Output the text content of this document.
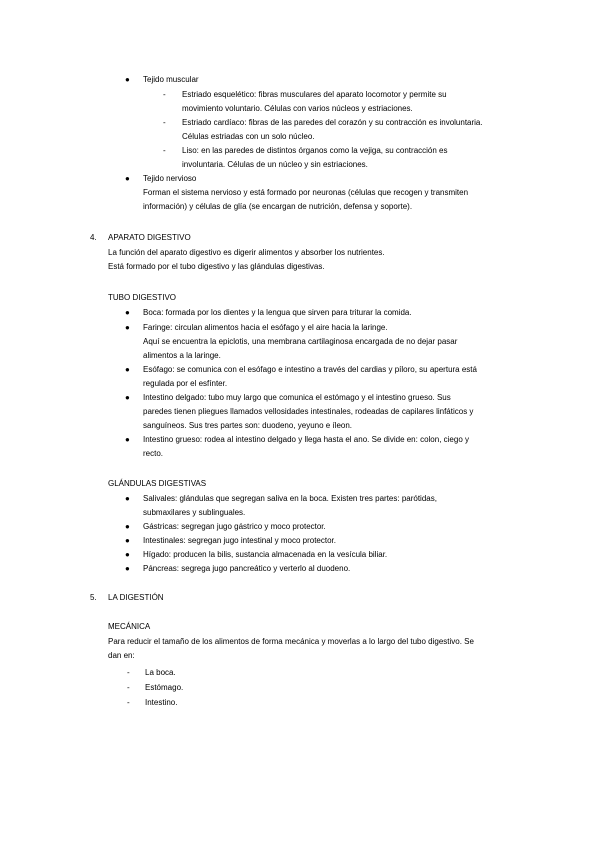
● Tejido muscular
- Estriado esquelético: fibras musculares del aparato locomotor y permite su
movimiento voluntario. Células con varios núcleos y estriaciones.
- Estriado cardíaco: fibras de las paredes del corazón y su contracción es involuntaria.
Células estriadas con un solo núcleo.
- Liso: en las paredes de distintos órganos como la vejiga, su contracción es
involuntaria. Células de un núcleo y sin estriaciones.
● Tejido nervioso
Forman el sistema nervioso y está formado por neuronas (células que recogen y transmiten
información) y células de glía (se encargan de nutrición, defensa y soporte).
4. APARATO DIGESTIVO
La función del aparato digestivo es digerir alimentos y absorber los nutrientes.
Está formado por el tubo digestivo y las glándulas digestivas.
TUBO DIGESTIVO
● Boca: formada por los dientes y la lengua que sirven para triturar la comida.
● Faringe: circulan alimentos hacia el esófago y el aire hacia la laringe.
Aquí se encuentra la epiclotis, una membrana cartilaginosa encargada de no dejar pasar
alimentos a la laringe.
● Esófago: se comunica con el esófago e intestino a través del cardias y píloro, su apertura está
regulada por el esfínter.
● Intestino delgado: tubo muy largo que comunica el estómago y el intestino grueso. Sus
paredes tienen pliegues llamados vellosidades intestinales, rodeadas de capilares linfáticos y
sanguíneos. Sus tres partes son: duodeno, yeyuno e íleon.
● Intestino grueso: rodea al intestino delgado y llega hasta el ano. Se divide en: colon, ciego y
recto.
GLÁNDULAS DIGESTIVAS
● Salivales: glándulas que segregan saliva en la boca. Existen tres partes: parótidas,
submaxilares y sublinguales.
● Gástricas: segregan jugo gástrico y moco protector.
● Intestinales: segregan jugo intestinal y moco protector.
● Hígado: producen la bilis, sustancia almacenada en la vesícula biliar.
● Páncreas: segrega jugo pancreático y verterlo al duodeno.
5. LA DIGESTIÓN
MECÁNICA
Para reducir el tamaño de los alimentos de forma mecánica y moverlas a lo largo del tubo digestivo. Se
dan en:
- La boca.
- Estómago.
- Intestino.
